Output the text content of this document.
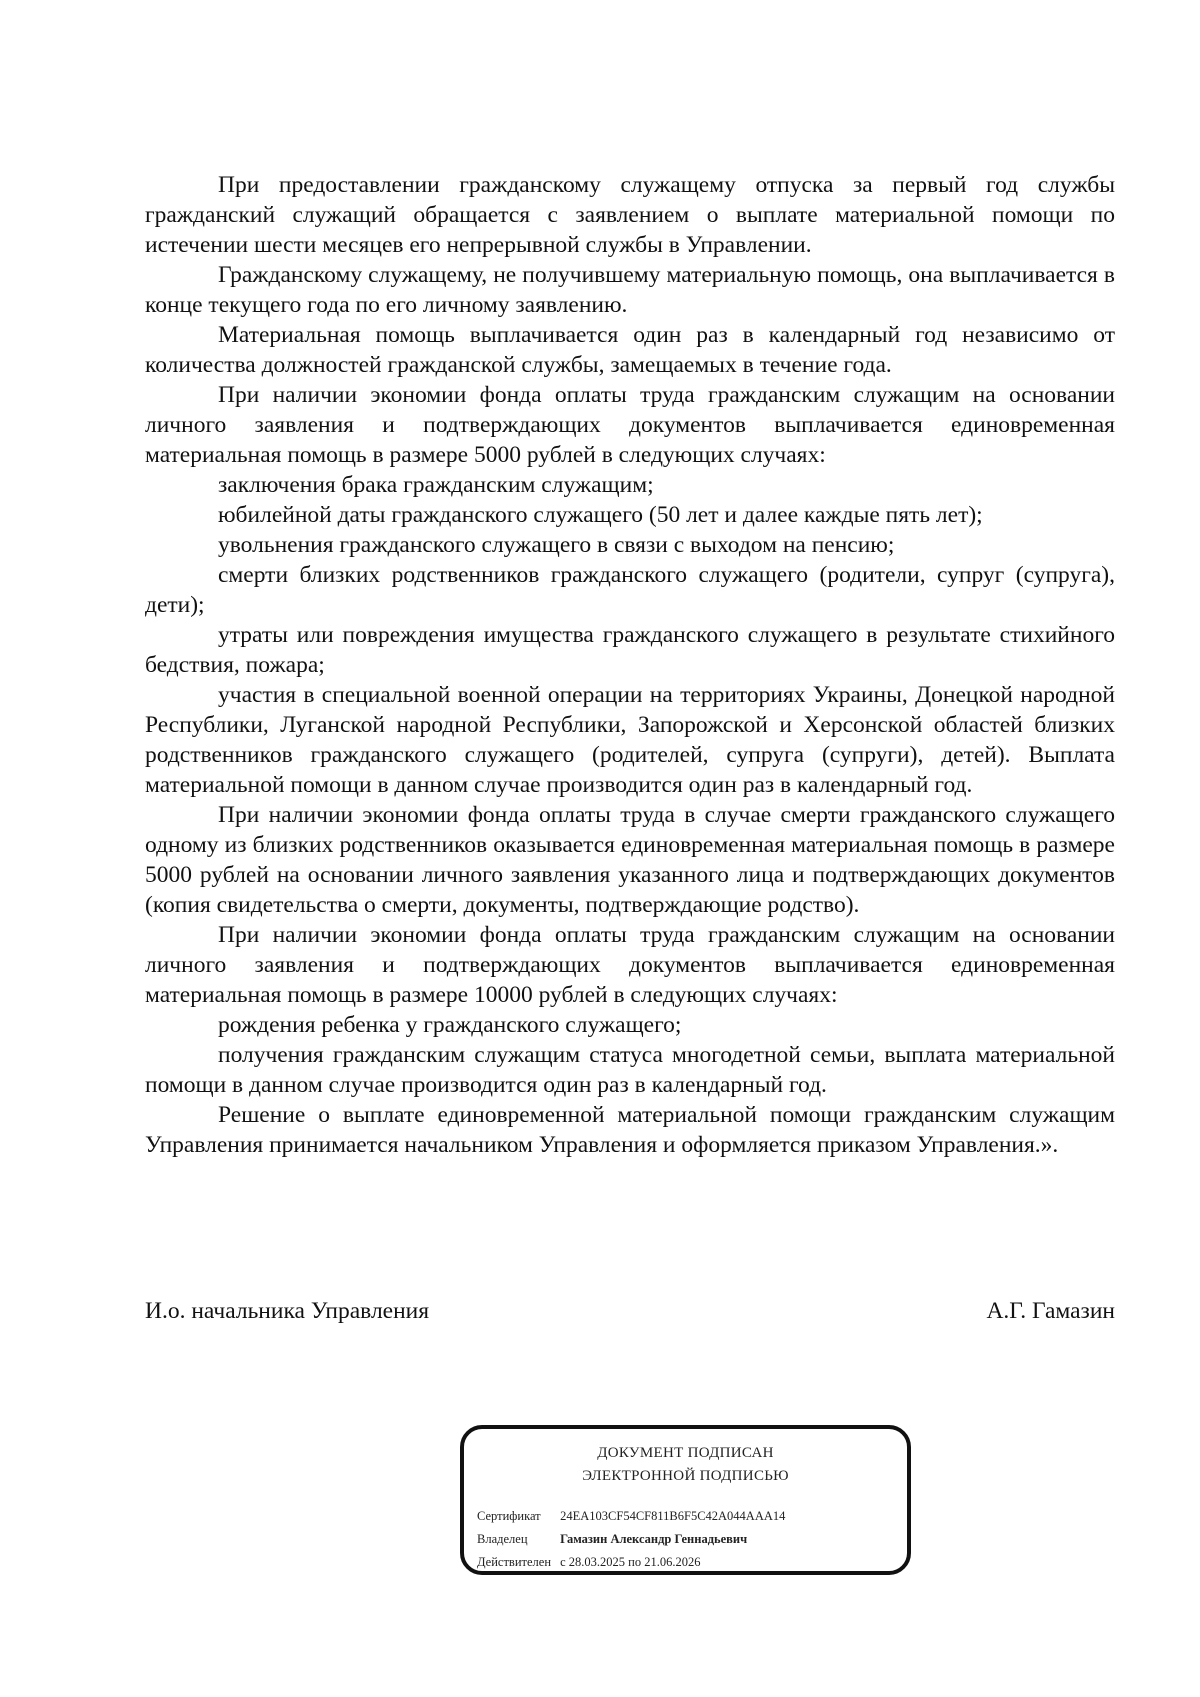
При предоставлении гражданскому служащему отпуска за первый год службы гражданский служащий обращается с заявлением о выплате материальной помощи по истечении шести месяцев его непрерывной службы в Управлении.

Гражданскому служащему, не получившему материальную помощь, она выплачивается в конце текущего года по его личному заявлению.

Материальная помощь выплачивается один раз в календарный год независимо от количества должностей гражданской службы, замещаемых в течение года.

При наличии экономии фонда оплаты труда гражданским служащим на основании личного заявления и подтверждающих документов выплачивается единовременная материальная помощь в размере 5000 рублей в следующих случаях:

заключения брака гражданским служащим;

юбилейной даты гражданского служащего (50 лет и далее каждые пять лет);

увольнения гражданского служащего в связи с выходом на пенсию;

смерти близких родственников гражданского служащего (родители, супруг (супруга), дети);

утраты или повреждения имущества гражданского служащего в результате стихийного бедствия, пожара;

участия в специальной военной операции на территориях Украины, Донецкой народной Республики, Луганской народной Республики, Запорожской и Херсонской областей близких родственников гражданского служащего (родителей, супруга (супруги), детей). Выплата материальной помощи в данном случае производится один раз в календарный год.

При наличии экономии фонда оплаты труда в случае смерти гражданского служащего одному из близких родственников оказывается единовременная материальная помощь в размере 5000 рублей на основании личного заявления указанного лица и подтверждающих документов (копия свидетельства о смерти, документы, подтверждающие родство).

При наличии экономии фонда оплаты труда гражданским служащим на основании личного заявления и подтверждающих документов выплачивается единовременная материальная помощь в размере 10000 рублей в следующих случаях:

рождения ребенка у гражданского служащего;

получения гражданским служащим статуса многодетной семьи, выплата материальной помощи в данном случае производится один раз в календарный год.

Решение о выплате единовременной материальной помощи гражданским служащим Управления принимается начальником Управления и оформляется приказом Управления.».

И.о. начальника Управления	А.Г. Гамазин
ДОКУМЕНТ ПОДПИСАН
ЭЛЕКТРОННОЙ ПОДПИСЬЮ
Сертификат 24EA103CF54CF811B6F5C42A044AAA14
Владелец	Гамазин Александр Геннадьевич
Действителен с 28.03.2025 по 21.06.2026
